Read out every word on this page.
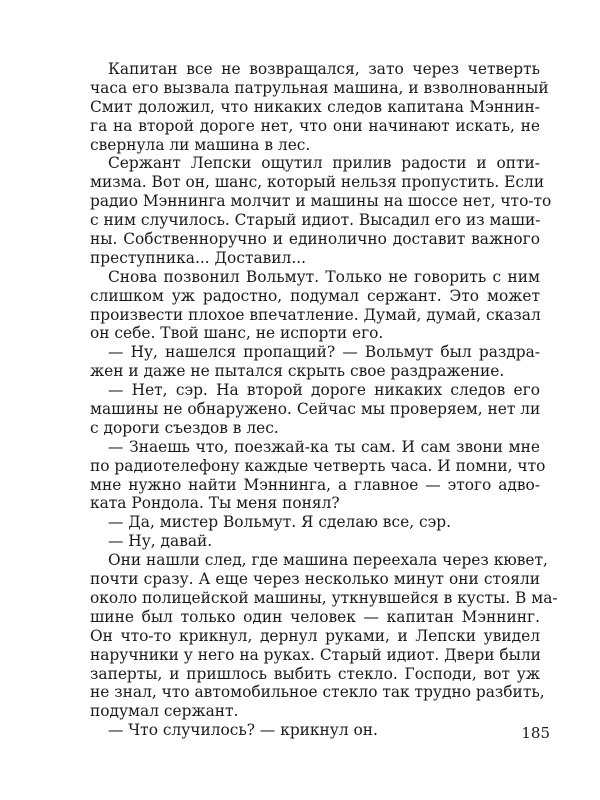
Капитан все не возвращался, зато через четверть
часа его вызвала патрульная машина, и взволнованный
Смит доложил, что никаких следов капитана Мэннин-
га на второй дороге нет, что они начинают искать, не
свернула ли машина в лес.
Сержант Лепски ощутил прилив радости и опти-
мизма. Вот он, шанс, который нельзя пропустить. Если
радио Мэннинга молчит и машины на шоссе нет, что-то
с ним случилось. Старый идиот. Высадил его из маши-
ны. Собственноручно и единолично доставит важного
преступника... Доставил...
Снова позвонил Вольмут. Только не говорить с ним
слишком уж радостно, подумал сержант. Это может
произвести плохое впечатление. Думай, думай, сказал
он себе. Твой шанс, не испорти его.
— Ну, нашелся пропащий? — Вольмут был раздра-
жен и даже не пытался скрыть свое раздражение.
— Нет, сэр. На второй дороге никаких следов его
машины не обнаружено. Сейчас мы проверяем, нет ли
с дороги съездов в лес.
— Знаешь что, поезжай-ка ты сам. И сам звони мне
по радиотелефону каждые четверть часа. И помни, что
мне нужно найти Мэннинга, а главное — этого адво-
ката Рондола. Ты меня понял?
— Да, мистер Вольмут. Я сделаю все, сэр.
— Ну, давай.
Они нашли след, где машина переехала через кювет,
почти сразу. А еще через несколько минут они стояли
около полицейской машины, уткнувшейся в кусты. В ма-
шине был только один человек — капитан Мэннинг.
Он что-то крикнул, дернул руками, и Лепски увидел
наручники у него на руках. Старый идиот. Двери были
заперты, и пришлось выбить стекло. Господи, вот уж
не знал, что автомобильное стекло так трудно разбить,
подумал сержант.
— Что случилось? — крикнул он.	185
